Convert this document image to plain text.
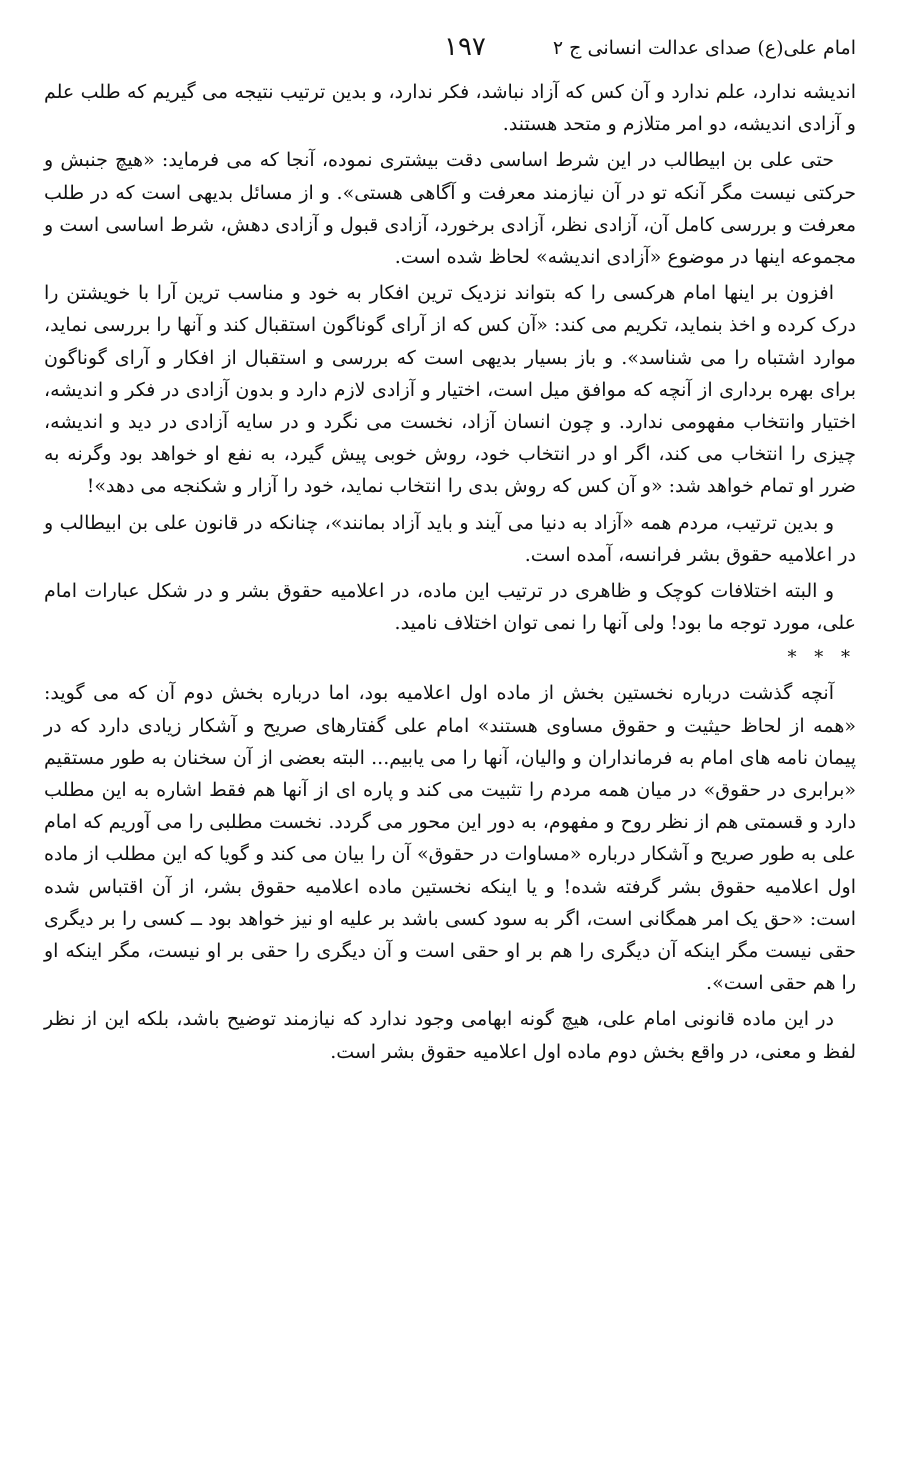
امام علی(ع) صدای عدالت انسانی ج ۲
۱۹۷

اندیشه ندارد، علم ندارد و آن کس که آزاد نباشد، فکر ندارد، و بدین ترتیب نتیجه می گیریم که طلب علم و آزادی اندیشه، دو امر متلازم و متحد هستند.

حتی علی بن ابیطالب در این شرط اساسی دقت بیشتری نموده، آنجا که می فرماید: «هیچ جنبش و حرکتی نیست مگر آنکه تو در آن نیازمند معرفت و آگاهی هستی». و از مسائل بدیهی است که در طلب معرفت و بررسی کامل آن، آزادی نظر، آزادی برخورد، آزادی قبول و آزادی دهش، شرط اساسی است و مجموعه اینها در موضوع «آزادی اندیشه» لحاظ شده است.

افزون بر اینها امام هرکسی را که بتواند نزدیک ترین افکار به خود و مناسب ترین آرا با خویشتن را درک کرده و اخذ بنماید، تکریم می کند: «آن کس که از آرای گوناگون استقبال کند و آنها را بررسی نماید، موارد اشتباه را می شناسد». و باز بسیار بدیهی است که بررسی و استقبال از افکار و آرای گوناگون برای بهره برداری از آنچه که موافق میل است، اختیار و آزادی لازم دارد و بدون آزادی در فکر و اندیشه، اختیار وانتخاب مفهومی ندارد. و چون انسان آزاد، نخست می نگرد و در سایه آزادی در دید و اندیشه، چیزی را انتخاب می کند، اگر او در انتخاب خود، روش خوبی پیش گیرد، به نفع او خواهد بود وگرنه به ضرر او تمام خواهد شد: «و آن کس که روش بدی را انتخاب نماید، خود را آزار و شکنجه می دهد»!

و بدین ترتیب، مردم همه «آزاد به دنیا می آیند و باید آزاد بمانند»، چنانکه در قانون علی بن ابیطالب و در اعلامیه حقوق بشر فرانسه، آمده است.

و البته اختلافات کوچک و ظاهری در ترتیب این ماده، در اعلامیه حقوق بشر و در شکل عبارات امام علی، مورد توجه ما بود! ولی آنها را نمی توان اختلاف نامید.

* * *

آنچه گذشت درباره نخستین بخش از ماده اول اعلامیه بود، اما درباره بخش دوم آن که می گوید: «همه از لحاظ حیثیت و حقوق مساوی هستند» امام علی گفتارهای صریح و آشکار زیادی دارد که در پیمان نامه های امام به فرمانداران و والیان، آنها را می یابیم... البته بعضی از آن سخنان به طور مستقیم «برابری در حقوق» در میان همه مردم را تثبیت می کند و پاره ای از آنها هم فقط اشاره به این مطلب دارد و قسمتی هم از نظر روح و مفهوم، به دور این محور می گردد. نخست مطلبی را می آوریم که امام علی به طور صریح و آشکار درباره «مساوات در حقوق» آن را بیان می کند و گویا که این مطلب از ماده اول اعلامیه حقوق بشر گرفته شده! و یا اینکه نخستین ماده اعلامیه حقوق بشر، از آن اقتباس شده است: «حق یک امر همگانی است، اگر به سود کسی باشد بر علیه او نیز خواهد بود ــ کسی را بر دیگری حقی نیست مگر اینکه آن دیگری را هم بر او حقی است و آن دیگری را حقی بر او نیست، مگر اینکه او را هم حقی است».

در این ماده قانونی امام علی، هیچ گونه ابهامی وجود ندارد که نیازمند توضیح باشد، بلکه این از نظر لفظ و معنی، در واقع بخش دوم ماده اول اعلامیه حقوق بشر است.
